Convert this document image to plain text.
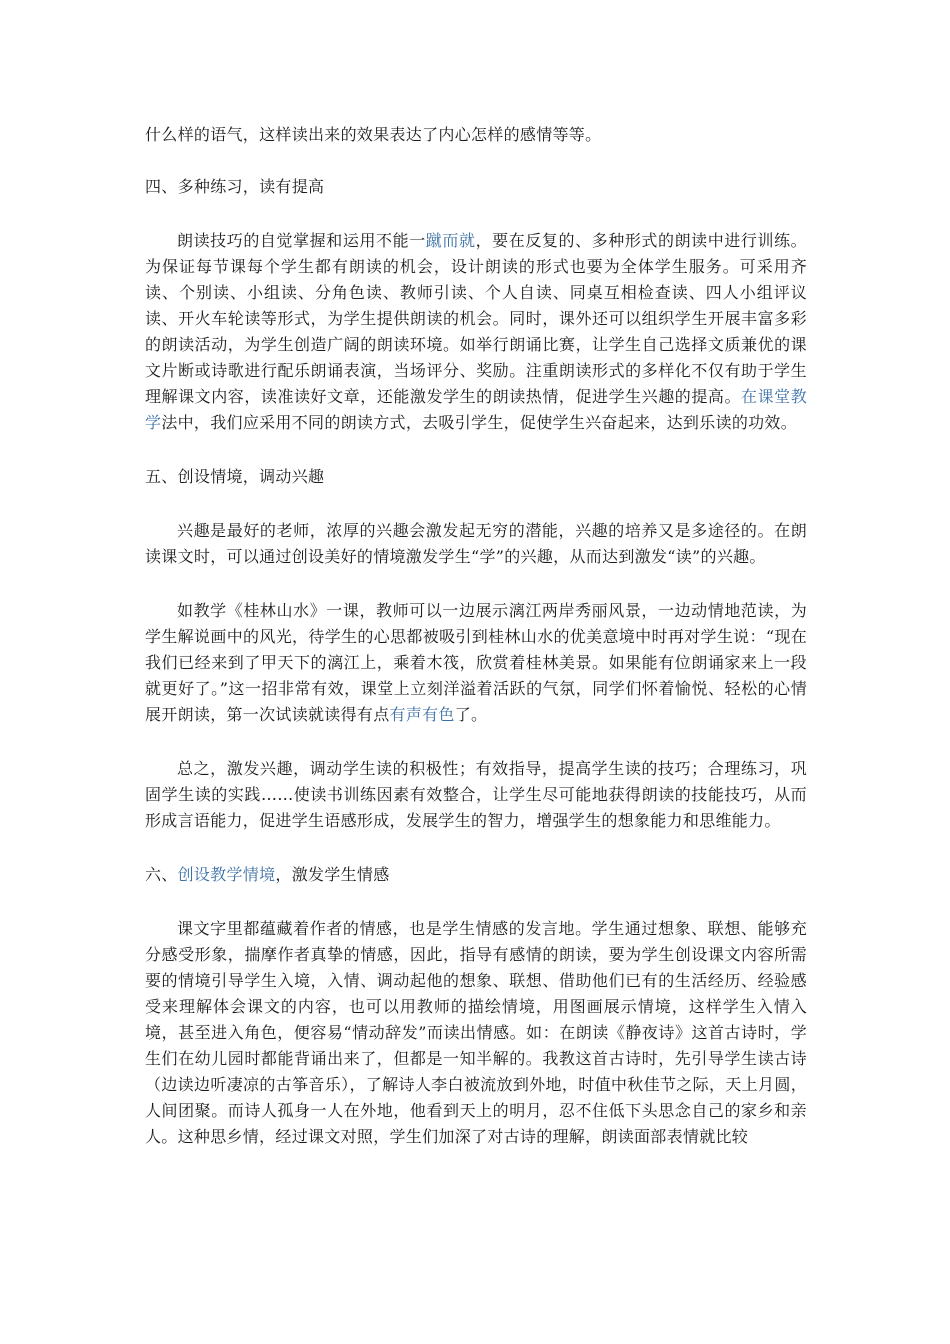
什么样的语气，这样读出来的效果表达了内心怎样的感情等等。

四、多种练习，读有提高

朗读技巧的自觉掌握和运用不能一蹴而就，要在反复的、多种形式的朗读中进行训练。为保证每节课每个学生都有朗读的机会，设计朗读的形式也要为全体学生服务。可采用齐读、个别读、小组读、分角色读、教师引读、个人自读、同桌互相检查读、四人小组评议读、开火车轮读等形式，为学生提供朗读的机会。同时，课外还可以组织学生开展丰富多彩的朗读活动，为学生创造广阔的朗读环境。如举行朗诵比赛，让学生自己选择文质兼优的课文片断或诗歌进行配乐朗诵表演，当场评分、奖励。注重朗读形式的多样化不仅有助于学生理解课文内容，读准读好文章，还能激发学生的朗读热情，促进学生兴趣的提高。在课堂教学法中，我们应采用不同的朗读方式，去吸引学生，促使学生兴奋起来，达到乐读的功效。

五、创设情境，调动兴趣

兴趣是最好的老师，浓厚的兴趣会激发起无穷的潜能，兴趣的培养又是多途径的。在朗读课文时，可以通过创设美好的情境激发学生“学”的兴趣，从而达到激发“读”的兴趣。

如教学《桂林山水》一课，教师可以一边展示漓江两岸秀丽风景，一边动情地范读，为学生解说画中的风光，待学生的心思都被吸引到桂林山水的优美意境中时再对学生说：“现在我们已经来到了甲天下的漓江上，乘着木筏，欣赏着桂林美景。如果能有位朗诵家来上一段就更好了。”这一招非常有效，课堂上立刻洋溢着活跃的气氛，同学们怀着愉悦、轻松的心情展开朗读，第一次试读就读得有点有声有色了。

总之，激发兴趣，调动学生读的积极性；有效指导，提高学生读的技巧；合理练习，巩固学生读的实践……使读书训练因素有效整合，让学生尽可能地获得朗读的技能技巧，从而形成言语能力，促进学生语感形成，发展学生的智力，增强学生的想象能力和思维能力。

六、创设教学情境，激发学生情感

课文字里都蕴藏着作者的情感，也是学生情感的发言地。学生通过想象、联想、能够充分感受形象，揣摩作者真挚的情感，因此，指导有感情的朗读，要为学生创设课文内容所需要的情境引导学生入境，入情、调动起他的想象、联想、借助他们已有的生活经历、经验感受来理解体会课文的内容，也可以用教师的描绘情境，用图画展示情境，这样学生入情入境，甚至进入角色，便容易“情动辞发”而读出情感。如：在朗读《静夜诗》这首古诗时，学生们在幼儿园时都能背诵出来了，但都是一知半解的。我教这首古诗时，先引导学生读古诗（边读边听凄凉的古筝音乐），了解诗人李白被流放到外地，时值中秋佳节之际，天上月圆，人间团聚。而诗人孤身一人在外地，他看到天上的明月，忍不住低下头思念自己的家乡和亲人。这种思乡情，经过课文对照，学生们加深了对古诗的理解，朗读面部表情就比较
